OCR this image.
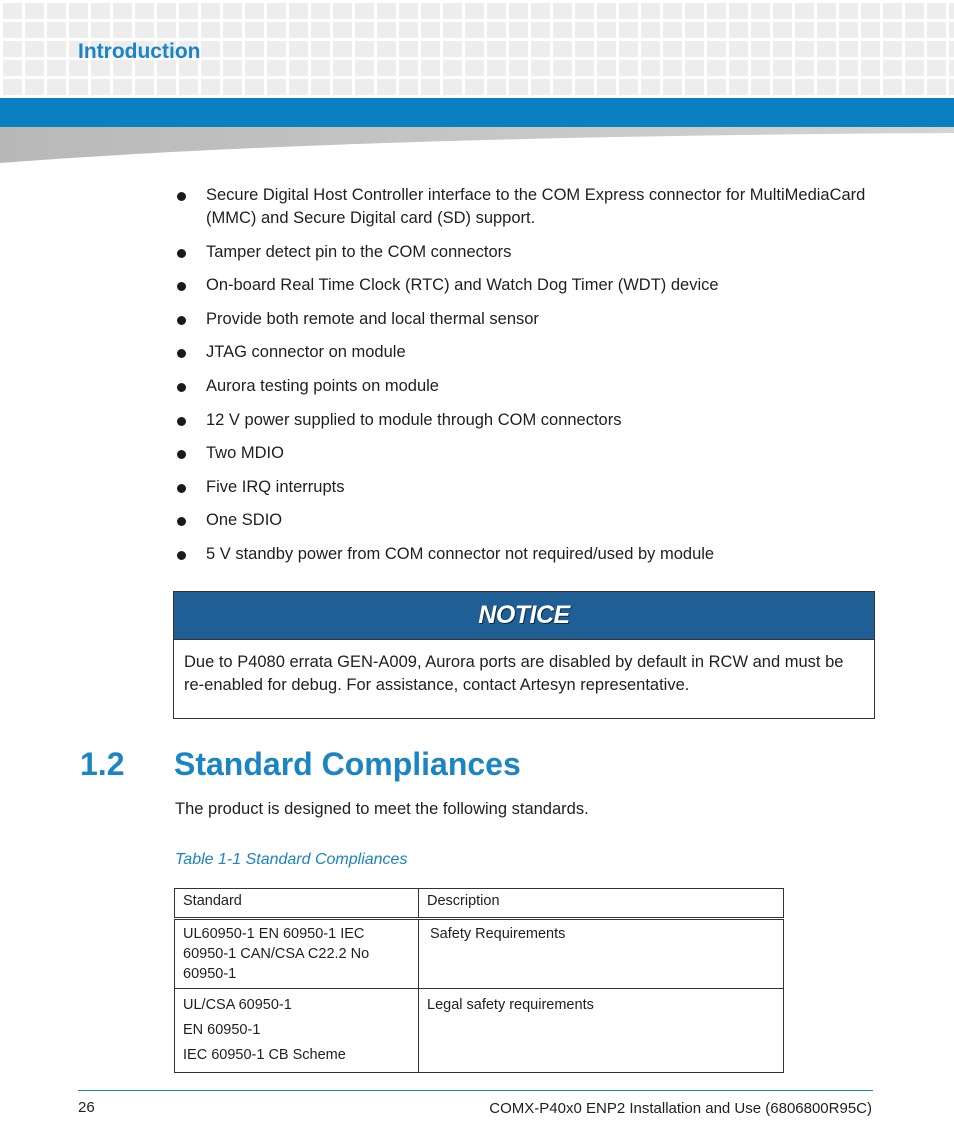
Introduction
Secure Digital Host Controller interface to the COM Express connector for MultiMediaCard (MMC) and Secure Digital card (SD) support.
Tamper detect pin to the COM connectors
On-board Real Time Clock (RTC) and Watch Dog Timer (WDT) device
Provide both remote and local thermal sensor
JTAG connector on module
Aurora testing points on module
12 V power supplied to module through COM connectors
Two MDIO
Five IRQ interrupts
One SDIO
5 V standby power from COM connector not required/used by module
NOTICE
Due to P4080 errata GEN-A009, Aurora ports are disabled by default in RCW and must be re-enabled for debug. For assistance, contact Artesyn representative.
1.2 Standard Compliances
The product is designed to meet the following standards.
Table 1-1 Standard Compliances
Standard	Description
UL60950-1 EN 60950-1 IEC 60950-1 CAN/CSA C22.2 No 60950-1	Safety Requirements

UL/CSA 60950-1
EN 60950-1
IEC 60950-1 CB Scheme	Legal safety requirements
26	COMX-P40x0 ENP2 Installation and Use (6806800R95C)
